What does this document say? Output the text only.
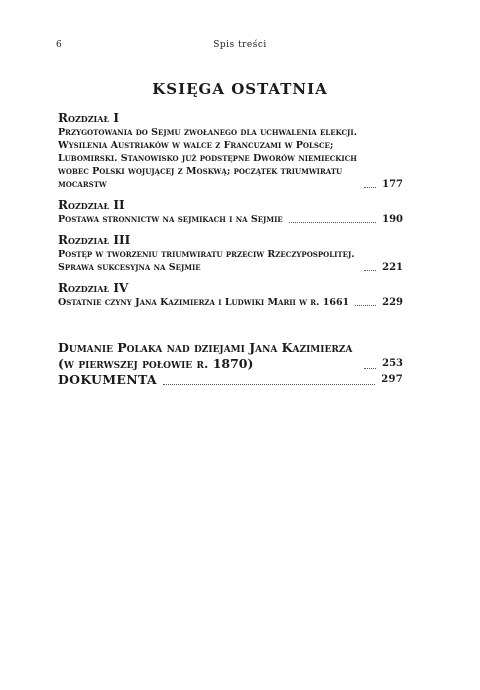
6	Spis treści
KSIĘGA OSTATNIA
Rozdział I
Przygotowania do Sejmu zwołanego dla uchwalenia elekcji. Wysilenia Austriaków w walce z Francuzami w Polsce; Lubomirski. Stanowisko już podstępne Dworów niemieckich wobec Polski wojującej z Moskwą; początek triumwiratu mocarstw	177
Rozdział II
Postawa stronnictw na sejmikach i na Sejmie	190
Rozdział III
Postęp w tworzeniu triumwiratu przeciw Rzeczypospolitej. Sprawa sukcesyjna na Sejmie	221
Rozdział IV
Ostatnie czyny Jana Kazimierza i Ludwiki Marii w r. 1661	229
Dumanie Polaka nad dziejami Jana Kazimierza (w pierwszej połowie r. 1870)	253
DOKUMENTA	297
